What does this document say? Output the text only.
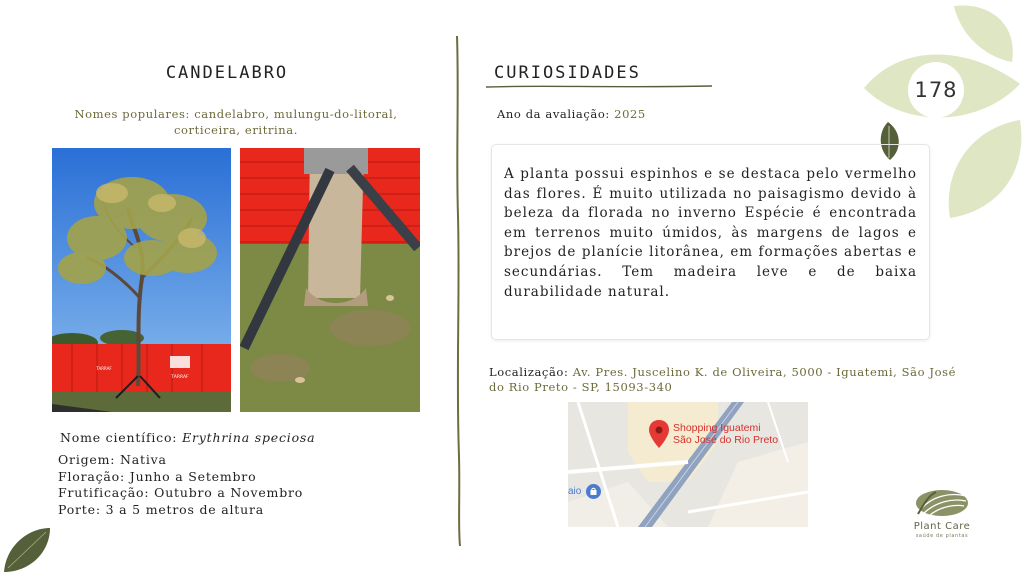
178
CANDELABRO
Nomes populares: candelabro, mulungu-do-litoral, corticeira, eritrina.
TARRAF
TARRAF
Nome científico: Erythrina speciosa
Origem: Nativa
Floração: Junho a Setembro
Frutificação: Outubro a Novembro
Porte: 3 a 5 metros de altura
CURIOSIDADES
Ano da avaliação: 2025
A planta possui espinhos e se destaca pelo vermelho das flores. É muito utilizada no paisagismo devido à beleza da florada no inverno Espécie é encontrada em terrenos muito úmidos, às margens de lagos e brejos de planície litorânea, em formações abertas e secundárias. Tem madeira leve e de baixa durabilidade natural.
Localização: Av. Pres. Juscelino K. de Oliveira, 5000 - Iguatemi, São José do Rio Preto - SP, 15093-340
Shopping Iguatemi
São José do Rio Preto
aio
Plant Care
saúde de plantas
